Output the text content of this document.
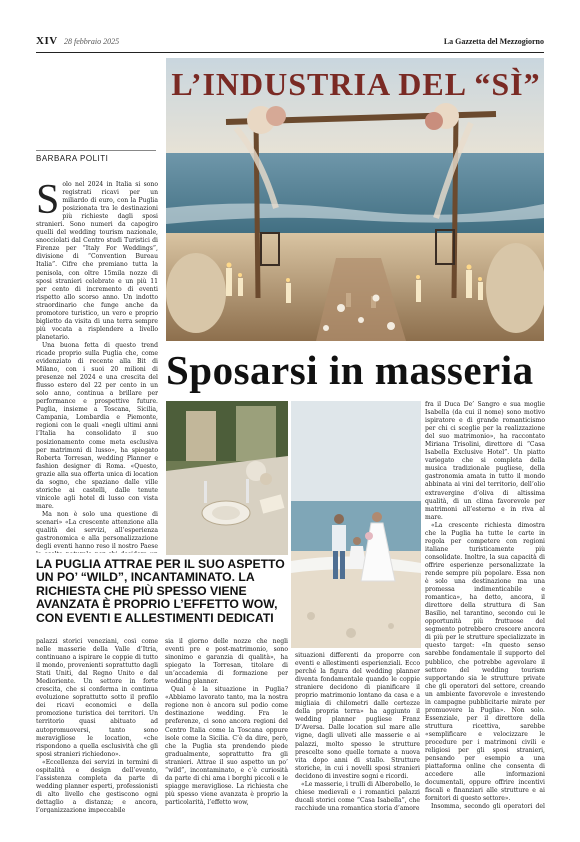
XIV 28 febbraio 2025	La Gazzetta del Mezzogiorno
L’INDUSTRIA DEL “SÌ”
Sposarsi in masseria
BARBARA POLITI

Solo nel 2024 in Italia si sono registrati ricavi per un miliardo di euro, con la Puglia posizionata tra le destinazioni più richieste dagli sposi stranieri. Sono numeri da capogiro quelli del wedding tourism nazionale, snocciolati dal Centro studi Turistici di Firenze per “Italy For Weddings”, divisione di “Convention Bureau Italia”. Cifre che premiano tutta la penisola, con oltre 15mila nozze di sposi stranieri celebrate e un più 11 per cento di incremento di eventi rispetto allo scorso anno. Un indotto straordinario che funge anche da promotore turistico, un vero e proprio biglietto da visita di una terra sempre più vocata a risplendere a livello planetario.

Una buona fetta di questo trend ricade proprio sulla Puglia che, come evidenziato di recente alla Bit di Milano, con i suoi 20 milioni di presenze nel 2024 e una crescita del flusso estero del 22 per cento in un solo anno, continua a brillare per performance e prospettive future. Puglia, insieme a Toscana, Sicilia, Campania, Lombardia e Piemonte, regioni con le quali «negli ultimi anni l’Italia ha consolidato il suo posizionamento come meta esclusiva per matrimoni di lusso», ha spiegato Roberta Torresan, wedding Planner e fashion designer di Roma. «Questo, grazie alla sua offerta unica di location da sogno, che spaziano dalle ville storiche ai castelli, dalle tenute vinicole agli hotel di lusso con vista mare.

Ma non è solo una questione di scenari» «La crescente attenzione alla qualità dei servizi, all’esperienza gastronomica e alla personalizzazione degli eventi hanno reso il nostro Paese

fra il Duca De’ Sangro e sua moglie Isabella (da cui il nome) sono motivo ispiratore e di grande romanticismo per chi ci sceglie per la realizzazione del suo matrimonio», ha raccontato Miriana Trisolini, direttore di “Casa Isabella Exclusive Hotel”. Un piatto variegato che si completa della musica tradizionale pugliese, della gastronomia amata in tutto il mondo abbinata ai vini del territorio, dell’olio extravergine d’oliva di altissima qualità, di un clima favorevole per matrimoni all’esterno e in riva al mare.

«La crescente richiesta dimostra che la Puglia ha tutte le carte in regola per competere con regioni italiane turisticamente più consolidate. Inoltre, la sua capacità di offrire esperienze personalizzate la rende sempre più popolare. Essa non è solo una destinazione ma una promessa indimenticabile e romantica», ha detto, ancora, il direttore della struttura di San Basilio, nel tarantino, secondo cui le opportunità più fruttuose del segmento potrebbero crescere ancora di più per le strutture specializzate in questo target: «In questo senso sarebbe fondamentale il supporto del pubblico, che potrebbe agevolare il settore del wedding tourism supportando sia le strutture private che gli operatori del settore, creando un ambiente favorevole e investendo in campagne pubblicitarie mirate per promuovere la Puglia». Non solo. Essenziale, per il direttore della struttura ricettiva, sarebbe «semplificare e velocizzare le procedure per i matrimoni civili e religiosi per gli sposi stranieri, pensando per esempio a una piattaforma online che consenta di accedere alle informazioni documentali, oppure offrire incentivi fiscali e finanziari alle strutture e ai fornitori di questo settore».

Insomma, secondo gli operatori del

LA PUGLIA ATTRAE PER IL SUO ASPETTO UN PO’ “WILD”, INCANTAMINATO. LA RICHIESTA CHE PIÙ SPESSO VIENE AVANZATA È PROPRIO L’EFFETTO WOW, CON EVENTI E ALLESTIMENTI DEDICATI

palazzi storici veneziani, così come nelle masserie della Valle d’Itria, continuano a ispirare le coppie di tutto il mondo, provenienti soprattutto dagli Stati Uniti, dal Regno Unito e dal Medioriente. Un settore in forte crescita, che si conferma in continua evoluzione soprattutto sotto il profilo dei ricavi economici e della promozione turistica dei territori. Un territorio quasi abituato ad autopromuoversi, tanto sono meravigliose le location, «che rispondono a quella esclusività che gli sposi stranieri richiedono».

«Eccellenza dei servizi in termini di ospitalità e design dell’evento, l’assistenza completa da parte di wedding planner esperti, professionisti di alto livello che gestiscono ogni dettaglio a distanza; e ancora, l’organizzazione impeccabile

sia il giorno delle nozze che negli eventi pre e post-matrimonio, sono sinonimo e garanzia di qualità», ha spiegato la Torresan, titolare di un’accademia di formazione per wedding planner.

Qual è la situazione in Puglia? «Abbiamo lavorato tanto, ma la nostra regione non è ancora sul podio come destinazione wedding. Fra le preferenze, ci sono ancora regioni del Centro Italia come la Toscana oppure isole come la Sicilia. C’è da dire, però, che la Puglia sta prendendo piede gradualmente, soprattutto fra gli stranieri. Attrae il suo aspetto un po’ “wild”, incontaminato, e c’è curiosità da parte di chi ama i borghi piccoli e le spiagge meravigliose. La richiesta che più spesso viene avanzata è proprio la particolarità, l’effetto wow,

situazioni differenti da proporre con eventi e allestimenti esperienziali. Ecco perché la figura del wedding planner diventa fondamentale quando le coppie straniere decidono di pianificare il proprio matrimonio lontano da casa e a migliaia di chilometri dalle certezze della propria terra» ha aggiunto il wedding planner pugliese Franz D’Aversa. Dalle location sul mare alle vigne, dagli uliveti alle masserie e ai palazzi, molto spesso le strutture prescelte sono quelle tornate a nuova vita dopo anni di stallo. Strutture storiche, in cui i novelli sposi stranieri decidono di investire sogni e ricordi.

«Le masserie, i trulli di Alberobello, le chiese medievali e i romantici palazzi ducali storici come “Casa Isabella”, che racchiude una romantica storia d’amore
